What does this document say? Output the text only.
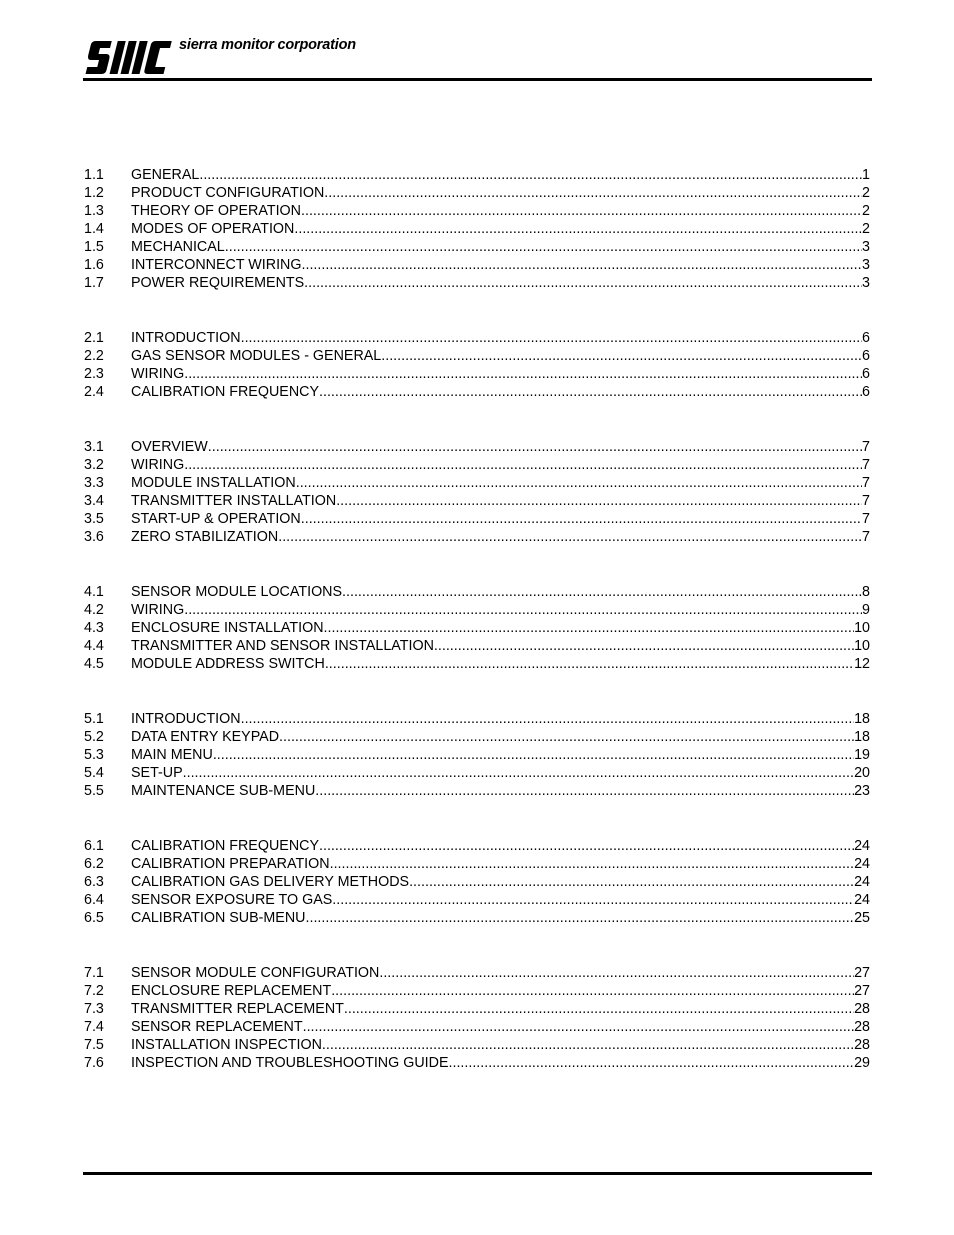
sierra monitor corporation
1.1	GENERAL .....	1
1.2	PRODUCT CONFIGURATION .....	2
1.3	THEORY OF OPERATION .....	2
1.4	MODES OF OPERATION .....	2
1.5	MECHANICAL .....	3
1.6	INTERCONNECT WIRING .....	3
1.7	POWER REQUIREMENTS .....	3
2.1	INTRODUCTION .....	6
2.2	GAS SENSOR MODULES - GENERAL .....	6
2.3	WIRING .....	6
2.4	CALIBRATION FREQUENCY .....	6
3.1	OVERVIEW .....	7
3.2	WIRING .....	7
3.3	MODULE INSTALLATION .....	7
3.4	TRANSMITTER INSTALLATION .....	7
3.5	START-UP & OPERATION .....	7
3.6	ZERO STABILIZATION .....	7
4.1	SENSOR MODULE LOCATIONS .....	8
4.2	WIRING .....	9
4.3	ENCLOSURE INSTALLATION .....	10
4.4	TRANSMITTER AND SENSOR INSTALLATION .....	10
4.5	MODULE ADDRESS SWITCH .....	12
5.1	INTRODUCTION .....	18
5.2	DATA ENTRY KEYPAD .....	18
5.3	MAIN MENU .....	19
5.4	SET-UP .....	20
5.5	MAINTENANCE SUB-MENU .....	23
6.1	CALIBRATION FREQUENCY .....	24
6.2	CALIBRATION PREPARATION .....	24
6.3	CALIBRATION GAS DELIVERY METHODS .....	24
6.4	SENSOR EXPOSURE TO GAS .....	24
6.5	CALIBRATION SUB-MENU .....	25
7.1	SENSOR MODULE CONFIGURATION .....	27
7.2	ENCLOSURE REPLACEMENT .....	27
7.3	TRANSMITTER REPLACEMENT .....	28
7.4	SENSOR REPLACEMENT .....	28
7.5	INSTALLATION INSPECTION .....	28
7.6	INSPECTION AND TROUBLESHOOTING GUIDE .....	29
